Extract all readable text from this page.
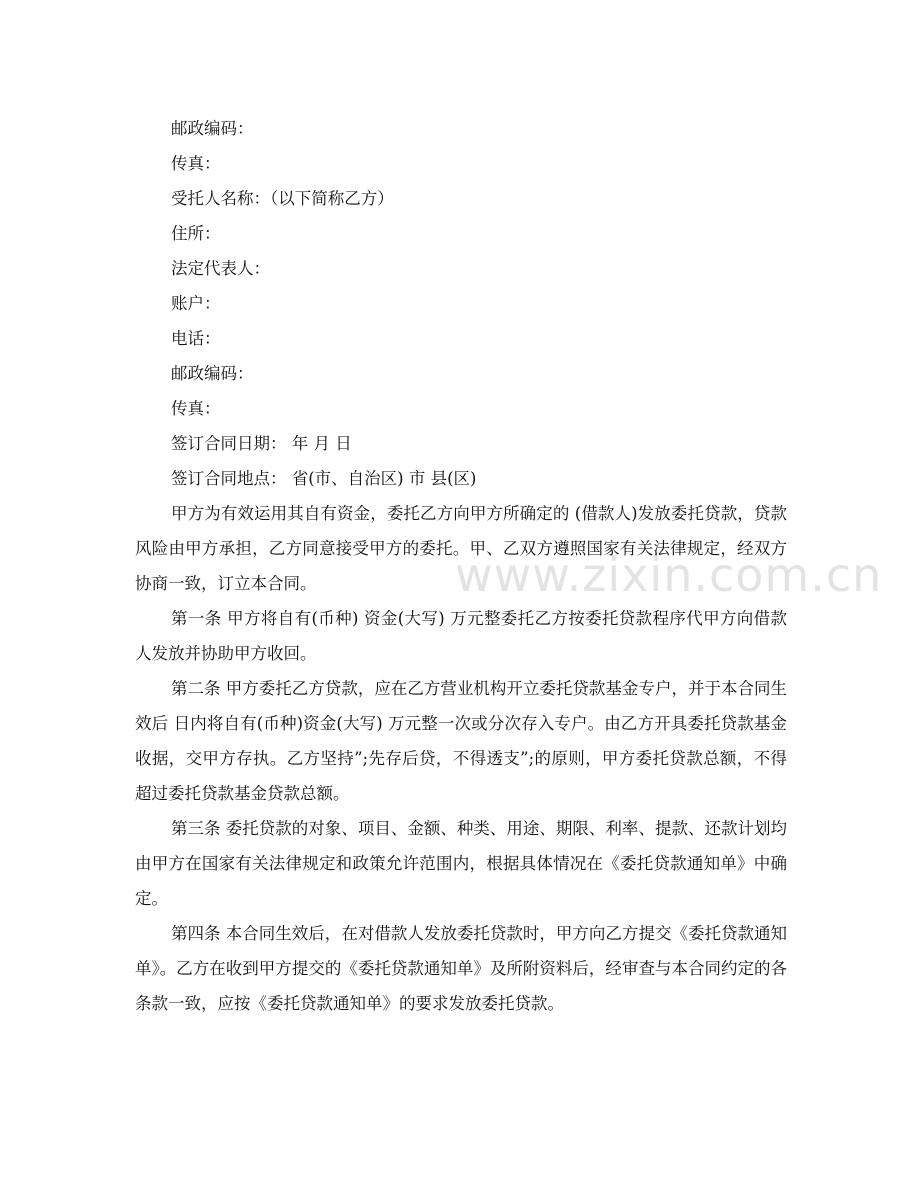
邮政编码：
传真：
受托人名称：（以下简称乙方）
住所：
法定代表人：
账户：
电话：
邮政编码：
传真：
签订合同日期： 年 月 日
签订合同地点： 省(市、自治区) 市 县(区)

甲方为有效运用其自有资金，委托乙方向甲方所确定的 (借款人)发放委托贷款，贷款风险由甲方承担，乙方同意接受甲方的委托。甲、乙双方遵照国家有关法律规定，经双方协商一致，订立本合同。

第一条 甲方将自有(币种) 资金(大写) 万元整委托乙方按委托贷款程序代甲方向借款人发放并协助甲方收回。

第二条 甲方委托乙方贷款，应在乙方营业机构开立委托贷款基金专户，并于本合同生效后 日内将自有(币种)资金(大写) 万元整一次或分次存入专户。由乙方开具委托贷款基金收据，交甲方存执。乙方坚持”;先存后贷，不得透支”;的原则，甲方委托贷款总额，不得超过委托贷款基金贷款总额。

第三条 委托贷款的对象、项目、金额、种类、用途、期限、利率、提款、还款计划均由甲方在国家有关法律规定和政策允许范围内，根据具体情况在《委托贷款通知单》中确定。

第四条 本合同生效后，在对借款人发放委托贷款时，甲方向乙方提交《委托贷款通知单》。乙方在收到甲方提交的《委托贷款通知单》及所附资料后，经审查与本合同约定的各条款一致，应按《委托贷款通知单》的要求发放委托贷款。

www.zixin.com.cn
